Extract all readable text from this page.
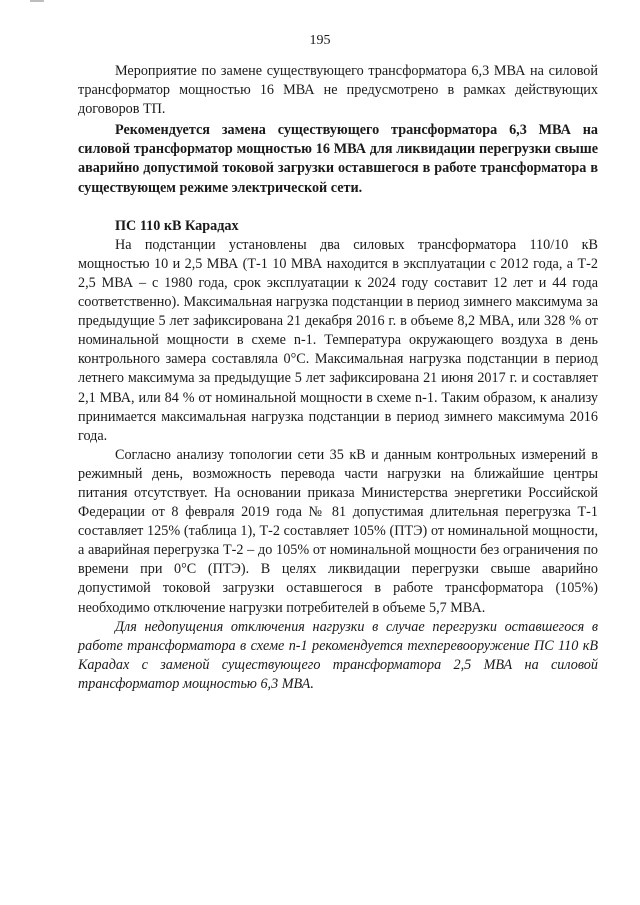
195

Мероприятие по замене существующего трансформатора 6,3 МВА на силовой трансформатор мощностью 16 МВА не предусмотрено в рамках действующих договоров ТП.

Рекомендуется замена существующего трансформатора 6,3 МВА на силовой трансформатор мощностью 16 МВА для ликвидации перегрузки свыше аварийно допустимой токовой загрузки оставшегося в работе трансформатора в существующем режиме электрической сети.

ПС 110 кВ Карадах

На подстанции установлены два силовых трансформатора 110/10 кВ мощностью 10 и 2,5 МВА (Т-1 10 МВА находится в эксплуатации с 2012 года, а Т-2 2,5 МВА – с 1980 года, срок эксплуатации к 2024 году составит 12 лет и 44 года соответственно). Максимальная нагрузка подстанции в период зимнего максимума за предыдущие 5 лет зафиксирована 21 декабря 2016 г. в объеме 8,2 МВА, или 328 % от номинальной мощности в схеме n-1. Температура окружающего воздуха в день контрольного замера составляла 0°С. Максимальная нагрузка подстанции в период летнего максимума за предыдущие 5 лет зафиксирована 21 июня 2017 г. и составляет 2,1 МВА, или 84 % от номинальной мощности в схеме n-1. Таким образом, к анализу принимается максимальная нагрузка подстанции в период зимнего максимума 2016 года.

Согласно анализу топологии сети 35 кВ и данным контрольных измерений в режимный день, возможность перевода части нагрузки на ближайшие центры питания отсутствует. На основании приказа Министерства энергетики Российской Федерации от 8 февраля 2019 года № 81 допустимая длительная перегрузка Т-1 составляет 125% (таблица 1), Т-2 составляет 105% (ПТЭ) от номинальной мощности, а аварийная перегрузка Т-2 – до 105% от номинальной мощности без ограничения по времени при 0°С (ПТЭ). В целях ликвидации перегрузки свыше аварийно допустимой токовой загрузки оставшегося в работе трансформатора (105%) необходимо отключение нагрузки потребителей в объеме 5,7 МВА.

Для недопущения отключения нагрузки в случае перегрузки оставшегося в работе трансформатора в схеме n-1 рекомендуется техперевооружение ПС 110 кВ Карадах с заменой существующего трансформатора 2,5 МВА на силовой трансформатор мощностью 6,3 МВА.
